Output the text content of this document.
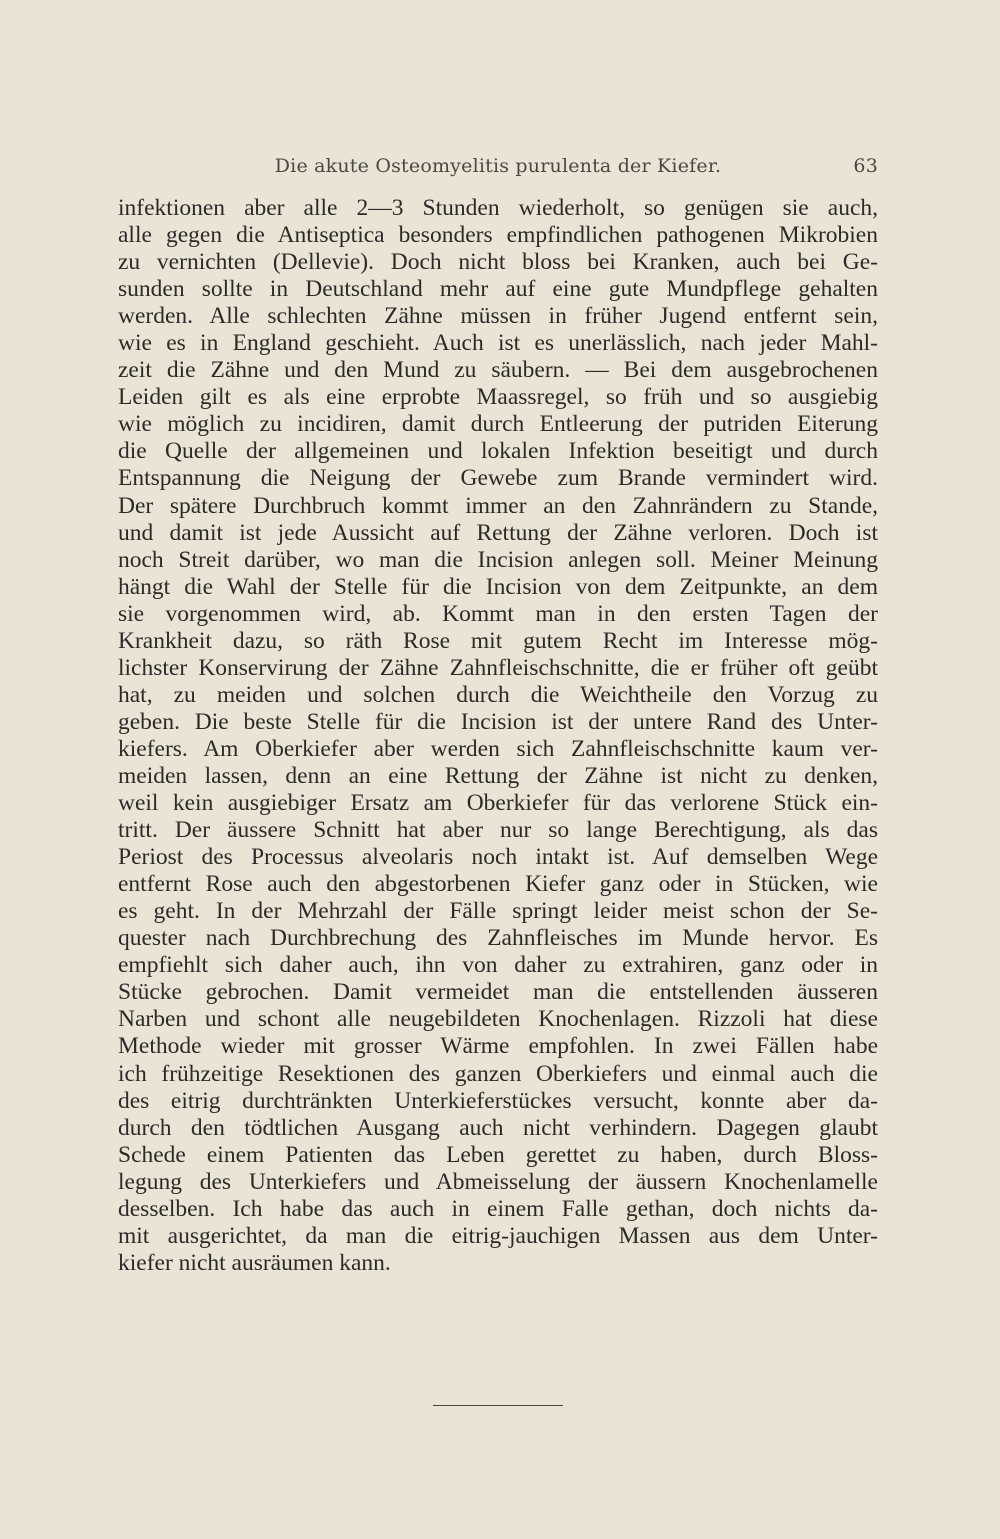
Die akute Osteomyelitis purulenta der Kiefer.	63
infektionen aber alle 2—3 Stunden wiederholt, so genügen sie auch,
alle gegen die Antiseptica besonders empfindlichen pathogenen Mikrobien
zu vernichten (Dellevie). Doch nicht bloss bei Kranken, auch bei Ge-
sunden sollte in Deutschland mehr auf eine gute Mundpflege gehalten
werden. Alle schlechten Zähne müssen in früher Jugend entfernt sein,
wie es in England geschieht. Auch ist es unerlässlich, nach jeder Mahl-
zeit die Zähne und den Mund zu säubern. — Bei dem ausgebrochenen
Leiden gilt es als eine erprobte Maassregel, so früh und so ausgiebig
wie möglich zu incidiren, damit durch Entleerung der putriden Eiterung
die Quelle der allgemeinen und lokalen Infektion beseitigt und durch
Entspannung die Neigung der Gewebe zum Brande vermindert wird.
Der spätere Durchbruch kommt immer an den Zahnrändern zu Stande,
und damit ist jede Aussicht auf Rettung der Zähne verloren. Doch ist
noch Streit darüber, wo man die Incision anlegen soll. Meiner Meinung
hängt die Wahl der Stelle für die Incision von dem Zeitpunkte, an dem
sie vorgenommen wird, ab. Kommt man in den ersten Tagen der
Krankheit dazu, so räth Rose mit gutem Recht im Interesse mög-
lichster Konservirung der Zähne Zahnfleischschnitte, die er früher oft geübt
hat, zu meiden und solchen durch die Weichtheile den Vorzug zu
geben. Die beste Stelle für die Incision ist der untere Rand des Unter-
kiefers. Am Oberkiefer aber werden sich Zahnfleischschnitte kaum ver-
meiden lassen, denn an eine Rettung der Zähne ist nicht zu denken,
weil kein ausgiebiger Ersatz am Oberkiefer für das verlorene Stück ein-
tritt. Der äussere Schnitt hat aber nur so lange Berechtigung, als das
Periost des Processus alveolaris noch intakt ist. Auf demselben Wege
entfernt Rose auch den abgestorbenen Kiefer ganz oder in Stücken, wie
es geht. In der Mehrzahl der Fälle springt leider meist schon der Se-
quester nach Durchbrechung des Zahnfleisches im Munde hervor. Es
empfiehlt sich daher auch, ihn von daher zu extrahiren, ganz oder in
Stücke gebrochen. Damit vermeidet man die entstellenden äusseren
Narben und schont alle neugebildeten Knochenlagen. Rizzoli hat diese
Methode wieder mit grosser Wärme empfohlen. In zwei Fällen habe
ich frühzeitige Resektionen des ganzen Oberkiefers und einmal auch die
des eitrig durchtränkten Unterkieferstückes versucht, konnte aber da-
durch den tödtlichen Ausgang auch nicht verhindern. Dagegen glaubt
Schede einem Patienten das Leben gerettet zu haben, durch Bloss-
legung des Unterkiefers und Abmeisselung der äussern Knochenlamelle
desselben. Ich habe das auch in einem Falle gethan, doch nichts da-
mit ausgerichtet, da man die eitrig-jauchigen Massen aus dem Unter-
kiefer nicht ausräumen kann.
